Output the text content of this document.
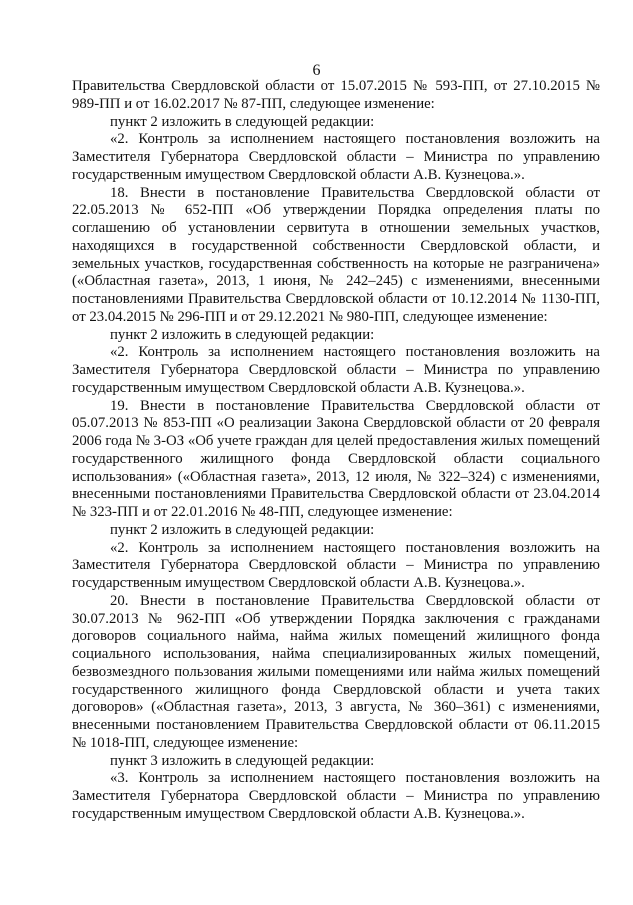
6

Правительства Свердловской области от 15.07.2015 № 593-ПП, от 27.10.2015 № 989-ПП и от 16.02.2017 № 87-ПП, следующее изменение:

пункт 2 изложить в следующей редакции:

«2. Контроль за исполнением настоящего постановления возложить на Заместителя Губернатора Свердловской области – Министра по управлению государственным имуществом Свердловской области А.В. Кузнецова.».

18. Внести в постановление Правительства Свердловской области от 22.05.2013 № 652-ПП «Об утверждении Порядка определения платы по соглашению об установлении сервитута в отношении земельных участков, находящихся в государственной собственности Свердловской области, и земельных участков, государственная собственность на которые не разграничена» («Областная газета», 2013, 1 июня, № 242–245) с изменениями, внесенными постановлениями Правительства Свердловской области от 10.12.2014 № 1130-ПП, от 23.04.2015 № 296-ПП и от 29.12.2021 № 980-ПП, следующее изменение:

пункт 2 изложить в следующей редакции:

«2. Контроль за исполнением настоящего постановления возложить на Заместителя Губернатора Свердловской области – Министра по управлению государственным имуществом Свердловской области А.В. Кузнецова.».

19. Внести в постановление Правительства Свердловской области от 05.07.2013 № 853-ПП «О реализации Закона Свердловской области от 20 февраля 2006 года № 3-ОЗ «Об учете граждан для целей предоставления жилых помещений государственного жилищного фонда Свердловской области социального использования» («Областная газета», 2013, 12 июля, № 322–324) с изменениями, внесенными постановлениями Правительства Свердловской области от 23.04.2014 № 323-ПП и от 22.01.2016 № 48-ПП, следующее изменение:

пункт 2 изложить в следующей редакции:

«2. Контроль за исполнением настоящего постановления возложить на Заместителя Губернатора Свердловской области – Министра по управлению государственным имуществом Свердловской области А.В. Кузнецова.».

20. Внести в постановление Правительства Свердловской области от 30.07.2013 № 962-ПП «Об утверждении Порядка заключения с гражданами договоров социального найма, найма жилых помещений жилищного фонда социального использования, найма специализированных жилых помещений, безвозмездного пользования жилыми помещениями или найма жилых помещений государственного жилищного фонда Свердловской области и учета таких договоров» («Областная газета», 2013, 3 августа, № 360–361) с изменениями, внесенными постановлением Правительства Свердловской области от 06.11.2015 № 1018-ПП, следующее изменение:

пункт 3 изложить в следующей редакции:

«3. Контроль за исполнением настоящего постановления возложить на Заместителя Губернатора Свердловской области – Министра по управлению государственным имуществом Свердловской области А.В. Кузнецова.».
